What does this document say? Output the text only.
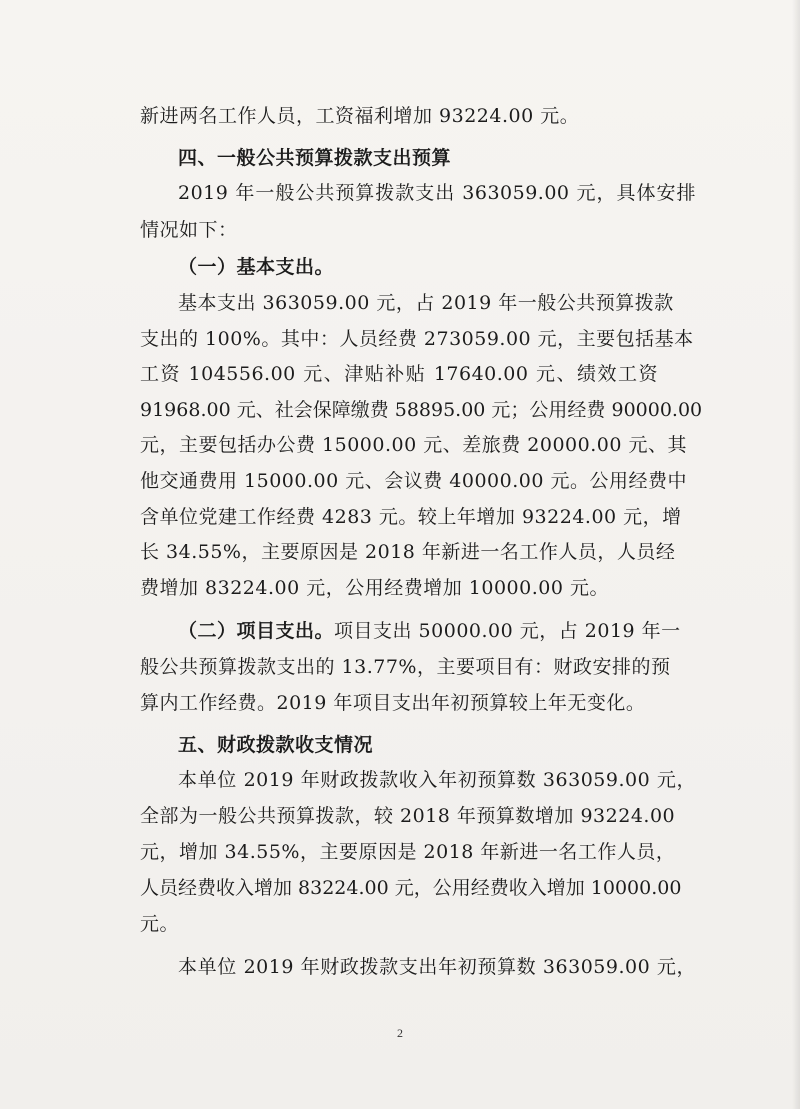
新进两名工作人员，工资福利增加 93224.00 元。

四、一般公共预算拨款支出预算

2019 年一般公共预算拨款支出 363059.00 元，具体安排

情况如下：

（一）基本支出。

基本支出 363059.00 元，占 2019 年一般公共预算拨款

支出的 100%。其中：人员经费 273059.00 元，主要包括基本

工资 104556.00 元、津贴补贴 17640.00 元、绩效工资

91968.00 元、社会保障缴费 58895.00 元；公用经费 90000.00

元，主要包括办公费 15000.00 元、差旅费 20000.00 元、其

他交通费用 15000.00 元、会议费 40000.00 元。公用经费中

含单位党建工作经费 4283 元。较上年增加 93224.00 元，增

长 34.55%，主要原因是 2018 年新进一名工作人员，人员经

费增加 83224.00 元，公用经费增加 10000.00 元。

（二）项目支出。项目支出 50000.00 元，占 2019 年一

般公共预算拨款支出的 13.77%，主要项目有：财政安排的预

算内工作经费。2019 年项目支出年初预算较上年无变化。

五、财政拨款收支情况

本单位 2019 年财政拨款收入年初预算数 363059.00 元，

全部为一般公共预算拨款，较 2018 年预算数增加 93224.00

元，增加 34.55%，主要原因是 2018 年新进一名工作人员，

人员经费收入增加 83224.00 元，公用经费收入增加 10000.00

元。

本单位 2019 年财政拨款支出年初预算数 363059.00 元，

2
